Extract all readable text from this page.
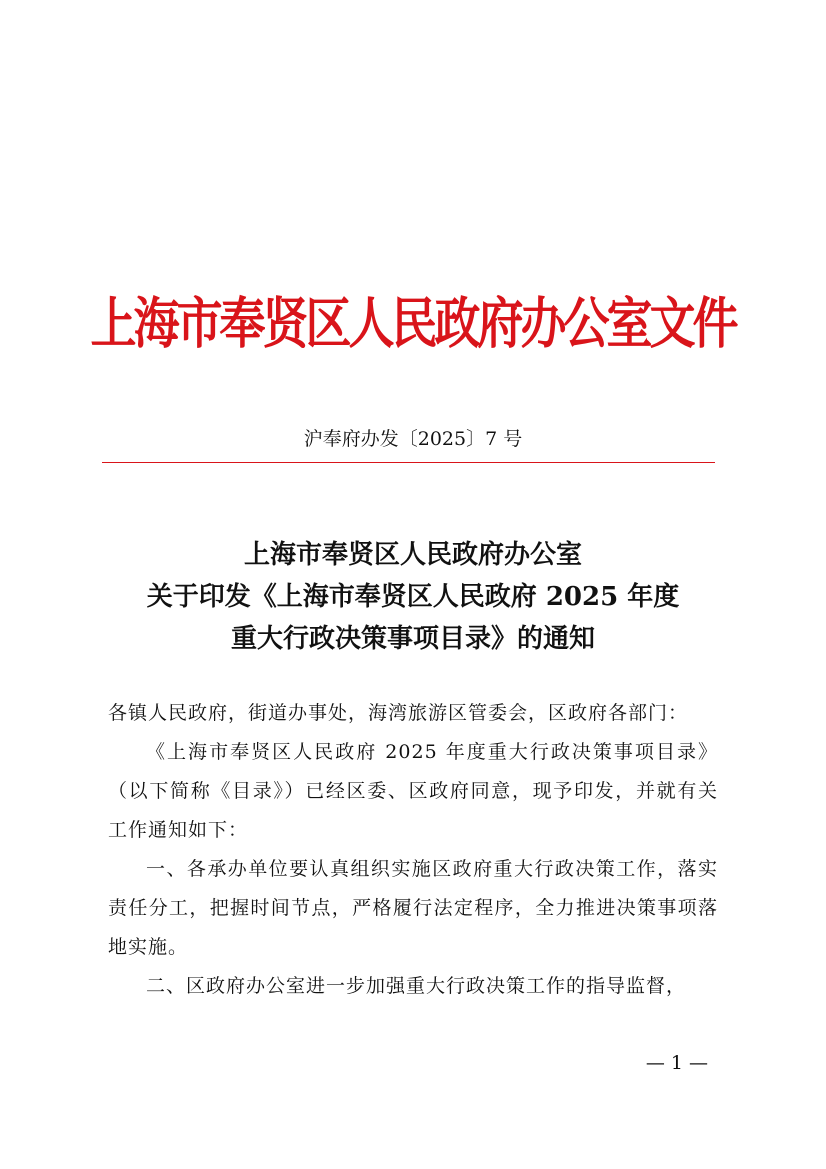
上海市奉贤区人民政府办公室文件
沪奉府办发〔2025〕7 号
上海市奉贤区人民政府办公室
关于印发《上海市奉贤区人民政府 2025 年度
重大行政决策事项目录》的通知

各镇人民政府，街道办事处，海湾旅游区管委会，区政府各部门：

《上海市奉贤区人民政府 2025 年度重大行政决策事项目录》（以下简称《目录》）已经区委、区政府同意，现予印发，并就有关工作通知如下：

一、各承办单位要认真组织实施区政府重大行政决策工作，落实责任分工，把握时间节点，严格履行法定程序，全力推进决策事项落地实施。

二、区政府办公室进一步加强重大行政决策工作的指导监督，

— 1 —
